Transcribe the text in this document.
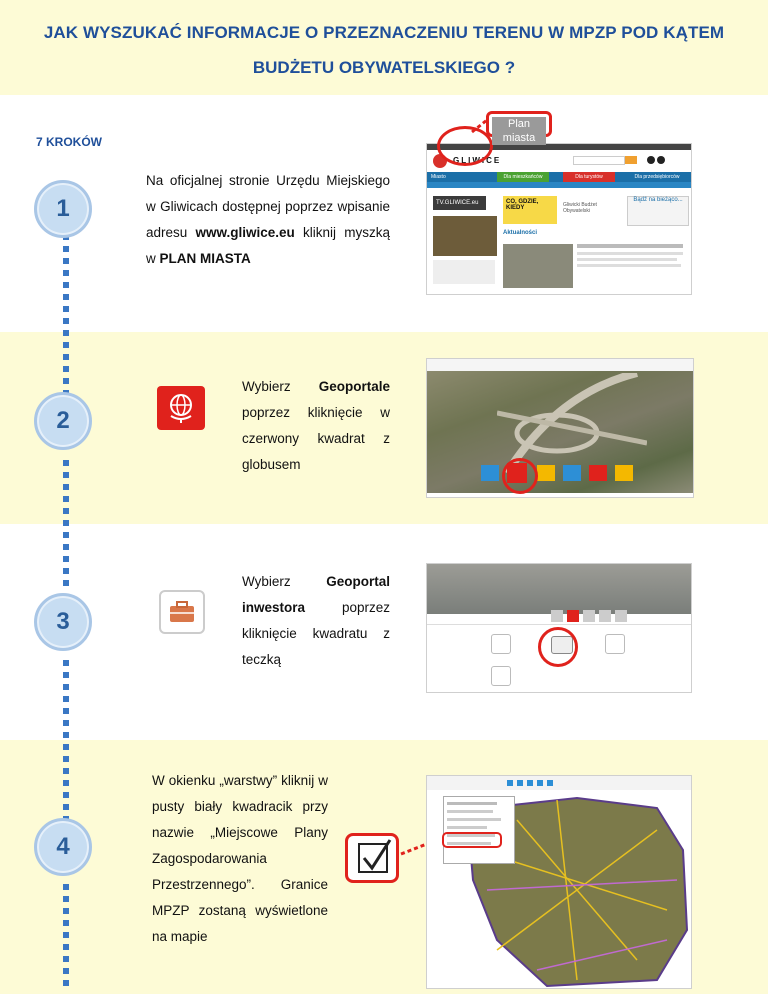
JAK WYSZUKAĆ INFORMACJE O PRZEZNACZENIU TERENU W MPZP POD KĄTEM
BUDŻETU OBYWATELSKIEGO ?
7 KROKÓW
1

Na oficjalnej stronie Urzędu Miejskiego w Gliwicach dostępnej poprzez wpisanie adresu www.gliwice.eu kliknij myszką w PLAN MIASTA

GLIWICE
Dla mieszkańców	Dla turystów	Dla przedsiębiorców
Miasto
TV.GLIWICE.eu	CO, GDZIE, KIEDY	Gliwicki Budżet Obywatelski
Bądź na bieżąco...
Aktualności
Plan miasta
2

Wybierz Geoportale poprzez kliknięcie w czerwony kwadrat z globusem

3

Wybierz Geoportal inwestora poprzez kliknięcie kwadratu z teczką

4
W okienku „warstwy” kliknij w pusty biały kwadracik przy nazwie „Miejscowe Plany Zagospodarowania Przestrzennego”. Granice MPZP zostaną wyświetlone na mapie
